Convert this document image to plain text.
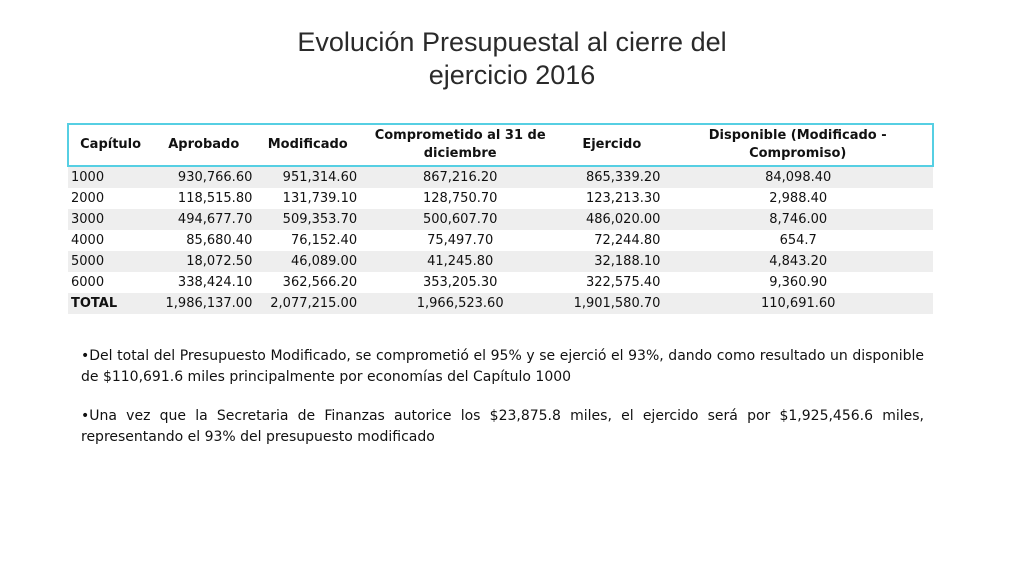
Evolución Presupuestal al cierre del
ejercicio 2016
Capítulo	Aprobado	Modificado	Comprometido al 31 de diciembre	Ejercido	Disponible (Modificado - Compromiso)
1000	930,766.60	951,314.60	867,216.20	865,339.20	84,098.40
2000	118,515.80	131,739.10	128,750.70	123,213.30	2,988.40
3000	494,677.70	509,353.70	500,607.70	486,020.00	8,746.00
4000	85,680.40	76,152.40	75,497.70	72,244.80	654.7
5000	18,072.50	46,089.00	41,245.80	32,188.10	4,843.20
6000	338,424.10	362,566.20	353,205.30	322,575.40	9,360.90
TOTAL	1,986,137.00	2,077,215.00	1,966,523.60	1,901,580.70	110,691.60

•Del total del Presupuesto Modificado, se comprometió el 95% y se ejerció el 93%, dando como resultado un disponible de $110,691.6 miles principalmente por economías del Capítulo 1000

•Una vez que la Secretaria de Finanzas autorice los $23,875.8 miles, el ejercido será por $1,925,456.6 miles, representando el 93% del presupuesto modificado
